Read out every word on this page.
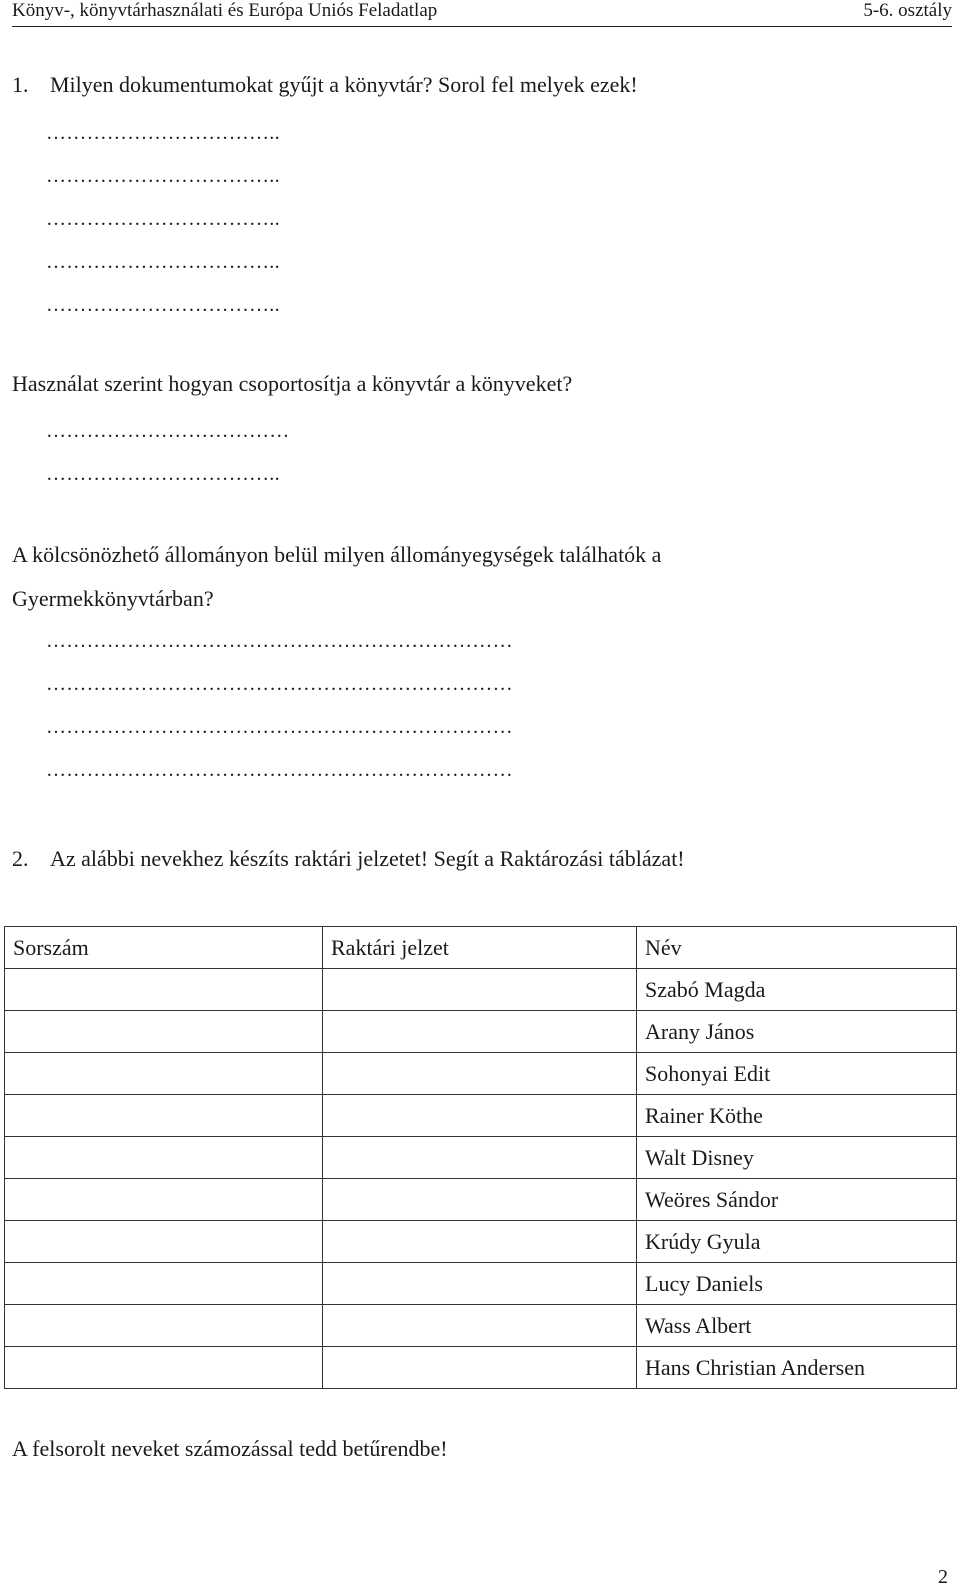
Könyv-, könyvtárhasználati és Európa Uniós Feladatlap	5-6. osztály
1. Milyen dokumentumokat gyűjt a könyvtár? Sorol fel melyek ezek!
……………………………..
……………………………..
……………………………..
……………………………..
……………………………..
Használat szerint hogyan csoportosítja a könyvtár a könyveket?
………………………………
……………………………..
A kölcsönözhető állományon belül milyen állományegységek találhatók a
Gyermekkönyvtárban?
……………………………………………………………
……………………………………………………………
……………………………………………………………
……………………………………………………………
2. Az alábbi nevekhez készíts raktári jelzetet! Segít a Raktározási táblázat!
Sorszám	Raktári jelzet	Név
		Szabó Magda
		Arany János
		Sohonyai Edit
		Rainer Köthe
		Walt Disney
		Weöres Sándor
		Krúdy Gyula
		Lucy Daniels
		Wass Albert
		Hans Christian Andersen
A felsorolt neveket számozással tedd betűrendbe!
2
